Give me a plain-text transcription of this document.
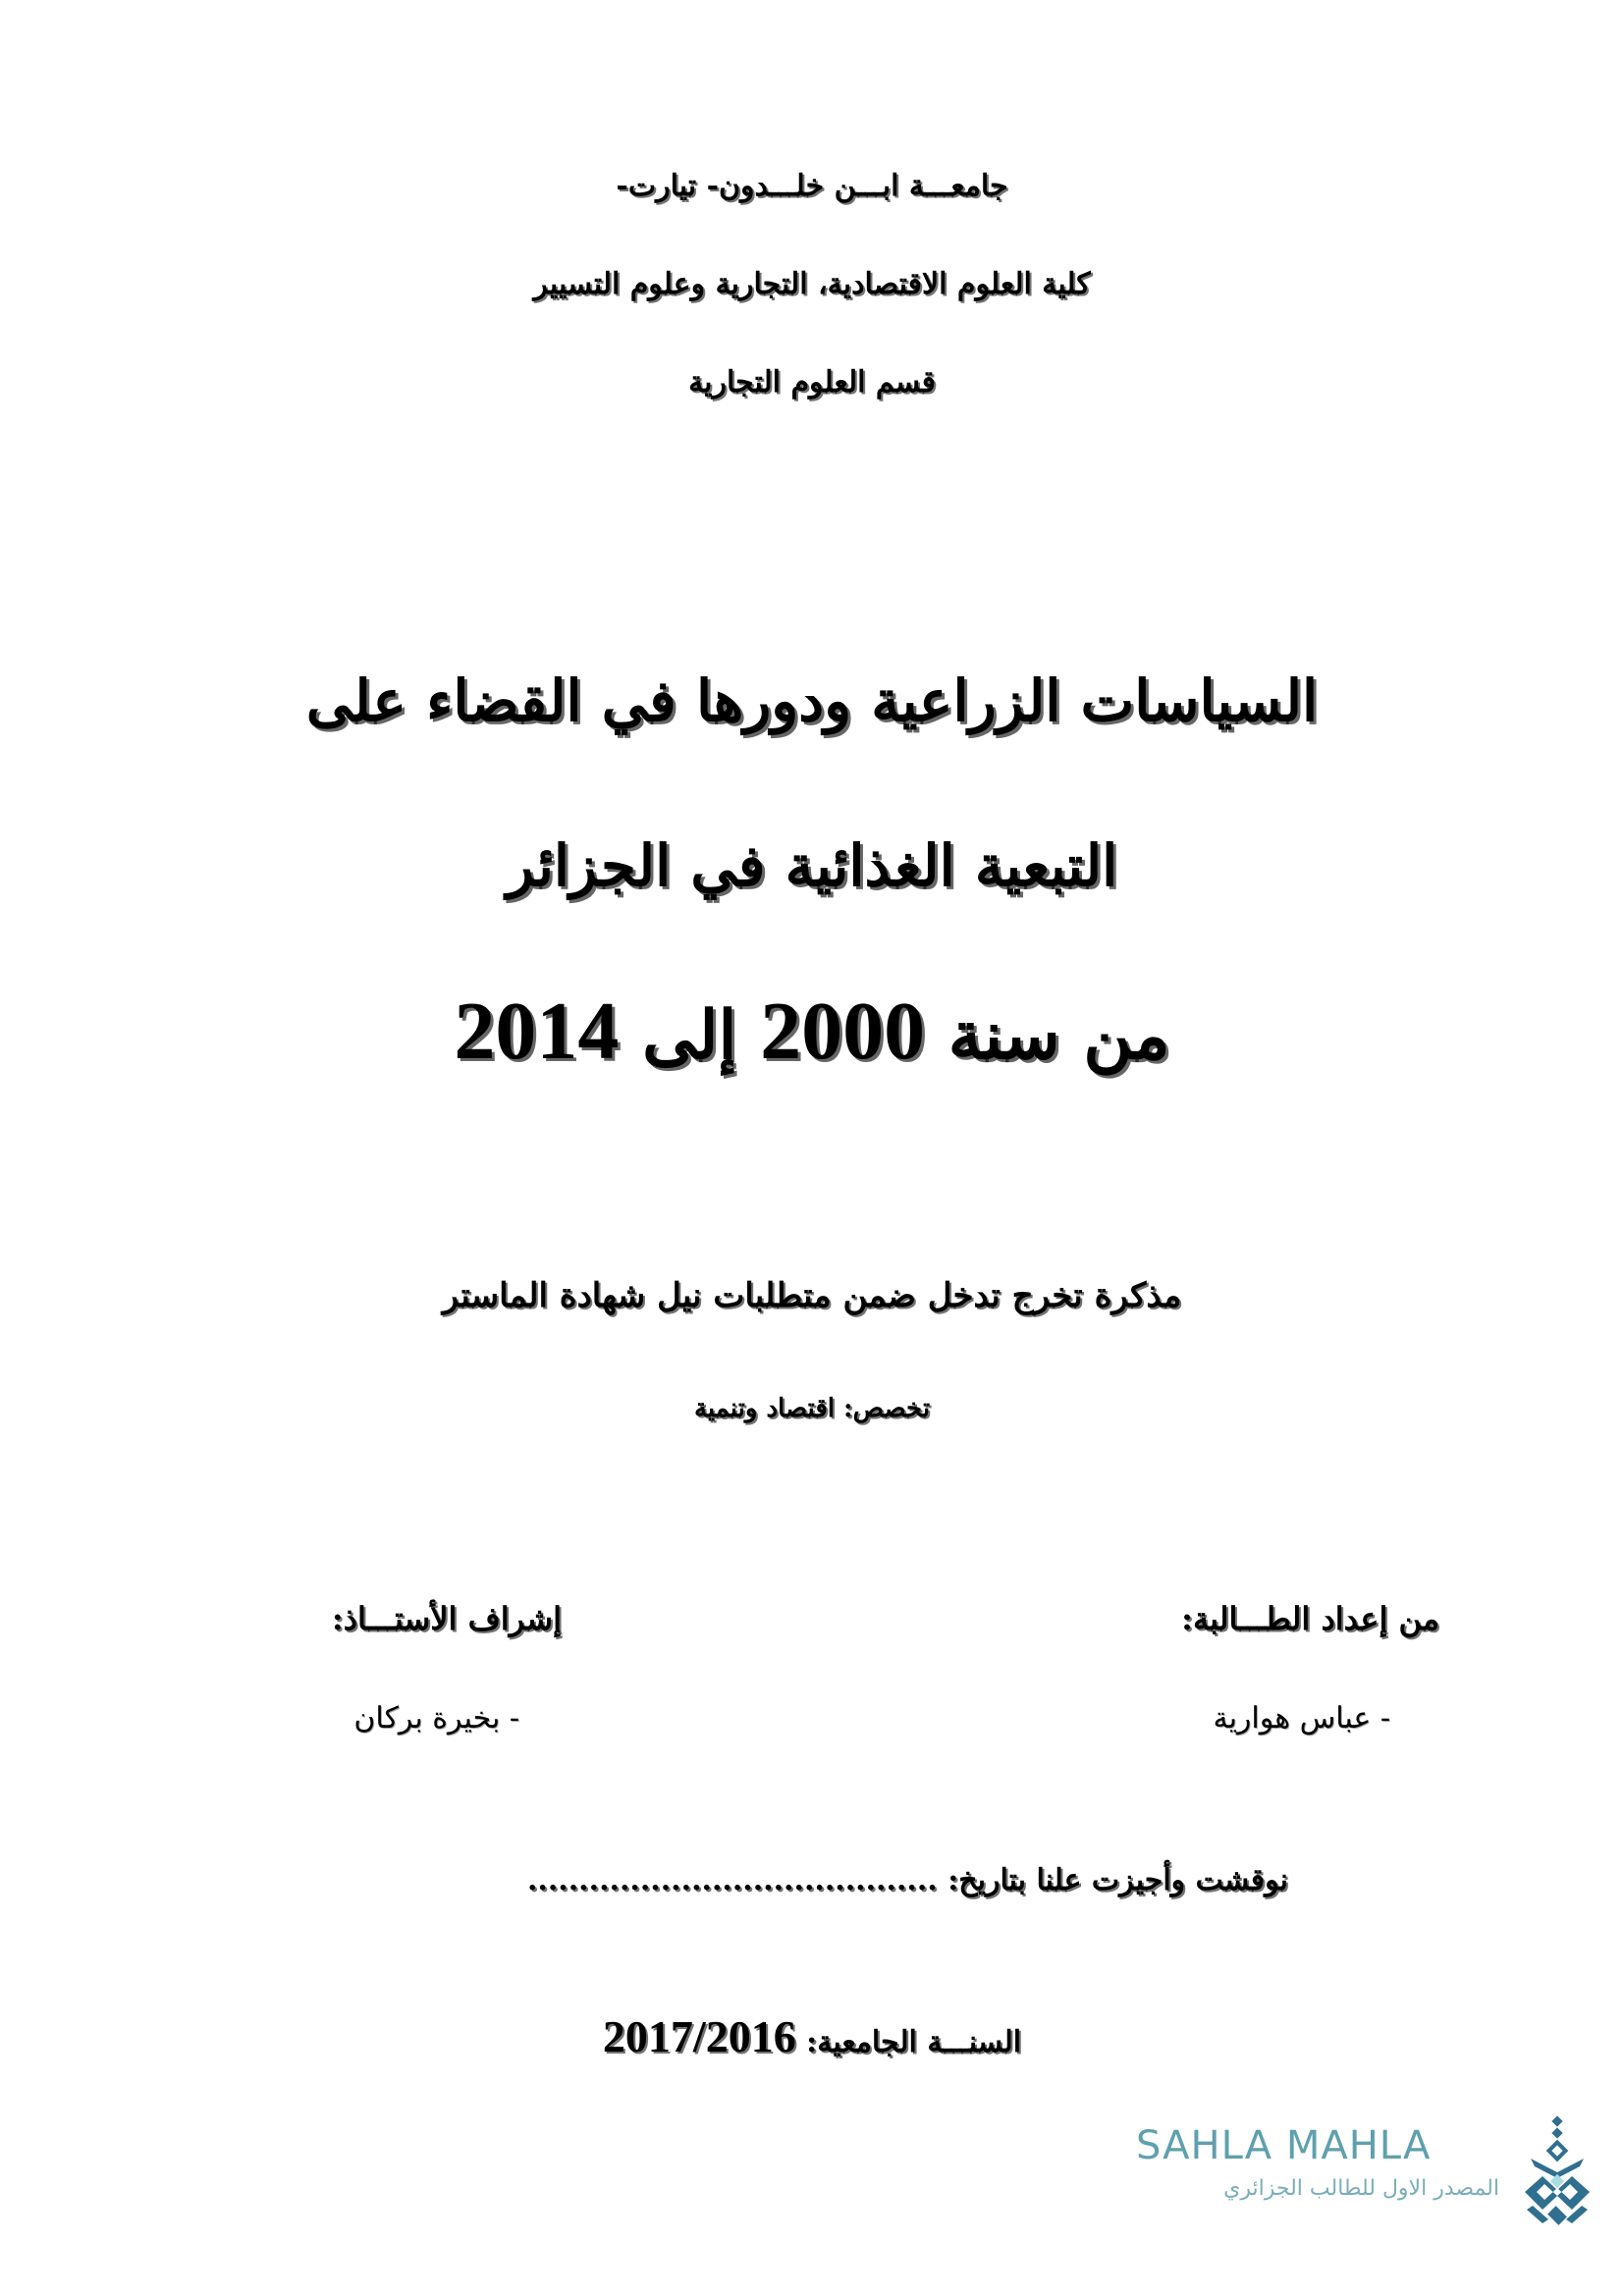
جامعـــة ابـــن خلـــدون- تيارت-
كلية العلوم الاقتصادية، التجارية وعلوم التسيير
قسم العلوم التجارية
السياسات الزراعية ودورها في القضاء على
التبعية الغذائية في الجزائر
من سنة 2000 إلى 2014
مذكرة تخرج تدخل ضمن متطلبات نيل شهادة الماستر
تخصص: اقتصاد وتنمية
من إعداد الطـــالبة:
إشراف الأستـــاذ:
- عباس هوارية
- بخيرة بركان
نوقشت وأجيزت علنا بتاريخ: ........................................
السنـــة الجامعية: 2017/2016
SAHLA MAHLA
المصدر الاول للطالب الجزائري
